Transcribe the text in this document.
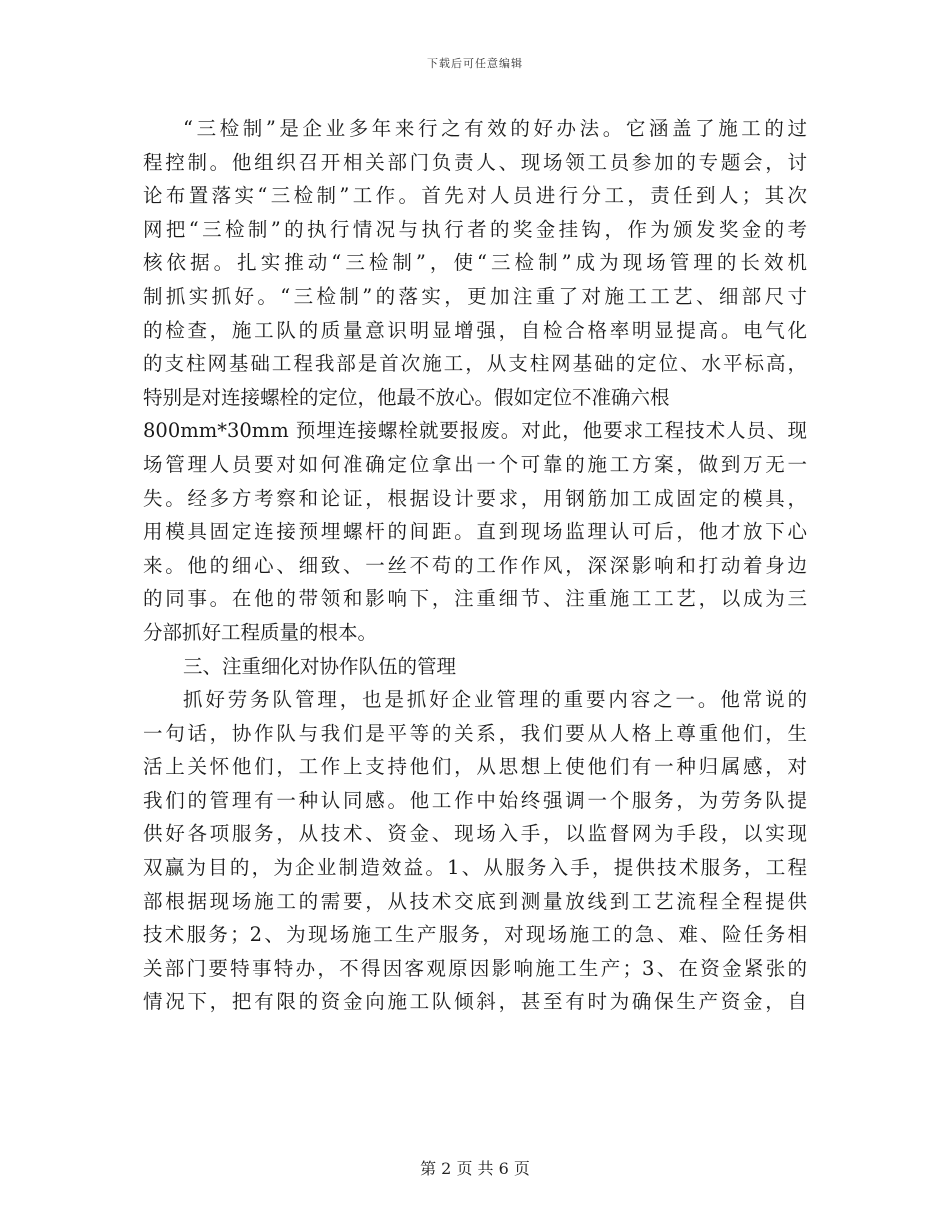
下载后可任意编辑
“三检制”是企业多年来行之有效的好办法。它涵盖了施工的过
程控制。他组织召开相关部门负责人、现场领工员参加的专题会，讨
论布置落实“三检制”工作。首先对人员进行分工，责任到人；其次
网把“三检制”的执行情况与执行者的奖金挂钩，作为颁发奖金的考
核依据。扎实推动“三检制”，使“三检制”成为现场管理的长效机
制抓实抓好。“三检制”的落实，更加注重了对施工工艺、细部尺寸
的检查，施工队的质量意识明显增强，自检合格率明显提高。电气化
的支柱网基础工程我部是首次施工，从支柱网基础的定位、水平标高，
特别是对连接螺栓的定位，他最不放心。假如定位不准确六根
800mm*30mm 预埋连接螺栓就要报废。对此，他要求工程技术人员、现
场管理人员要对如何准确定位拿出一个可靠的施工方案，做到万无一
失。经多方考察和论证，根据设计要求，用钢筋加工成固定的模具，
用模具固定连接预埋螺杆的间距。直到现场监理认可后，他才放下心
来。他的细心、细致、一丝不苟的工作作风，深深影响和打动着身边
的同事。在他的带领和影响下，注重细节、注重施工工艺，以成为三
分部抓好工程质量的根本。
三、注重细化对协作队伍的管理
抓好劳务队管理，也是抓好企业管理的重要内容之一。他常说的
一句话，协作队与我们是平等的关系，我们要从人格上尊重他们，生
活上关怀他们，工作上支持他们，从思想上使他们有一种归属感，对
我们的管理有一种认同感。他工作中始终强调一个服务，为劳务队提
供好各项服务，从技术、资金、现场入手，以监督网为手段，以实现
双赢为目的，为企业制造效益。1、从服务入手，提供技术服务，工程
部根据现场施工的需要，从技术交底到测量放线到工艺流程全程提供
技术服务；2、为现场施工生产服务，对现场施工的急、难、险任务相
关部门要特事特办，不得因客观原因影响施工生产；3、在资金紧张的
情况下，把有限的资金向施工队倾斜，甚至有时为确保生产资金，自
第 2 页 共 6 页
